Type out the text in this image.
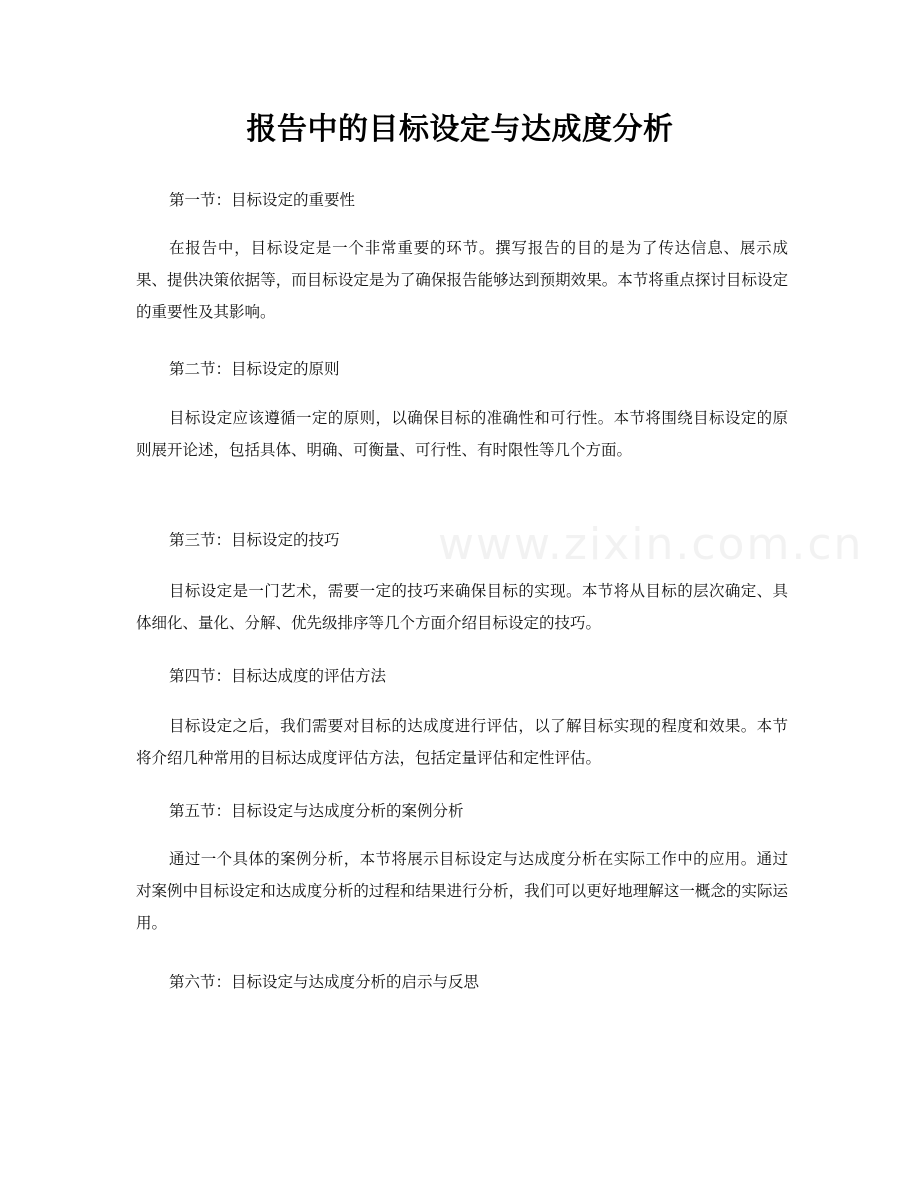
报告中的目标设定与达成度分析

第一节：目标设定的重要性

在报告中，目标设定是一个非常重要的环节。撰写报告的目的是为了传达信息、展示成果、提供决策依据等，而目标设定是为了确保报告能够达到预期效果。本节将重点探讨目标设定的重要性及其影响。

第二节：目标设定的原则

目标设定应该遵循一定的原则，以确保目标的准确性和可行性。本节将围绕目标设定的原则展开论述，包括具体、明确、可衡量、可行性、有时限性等几个方面。

第三节：目标设定的技巧

目标设定是一门艺术，需要一定的技巧来确保目标的实现。本节将从目标的层次确定、具体细化、量化、分解、优先级排序等几个方面介绍目标设定的技巧。

第四节：目标达成度的评估方法

目标设定之后，我们需要对目标的达成度进行评估，以了解目标实现的程度和效果。本节将介绍几种常用的目标达成度评估方法，包括定量评估和定性评估。

第五节：目标设定与达成度分析的案例分析

通过一个具体的案例分析，本节将展示目标设定与达成度分析在实际工作中的应用。通过对案例中目标设定和达成度分析的过程和结果进行分析，我们可以更好地理解这一概念的实际运用。

第六节：目标设定与达成度分析的启示与反思

www.zixin.com.cn
